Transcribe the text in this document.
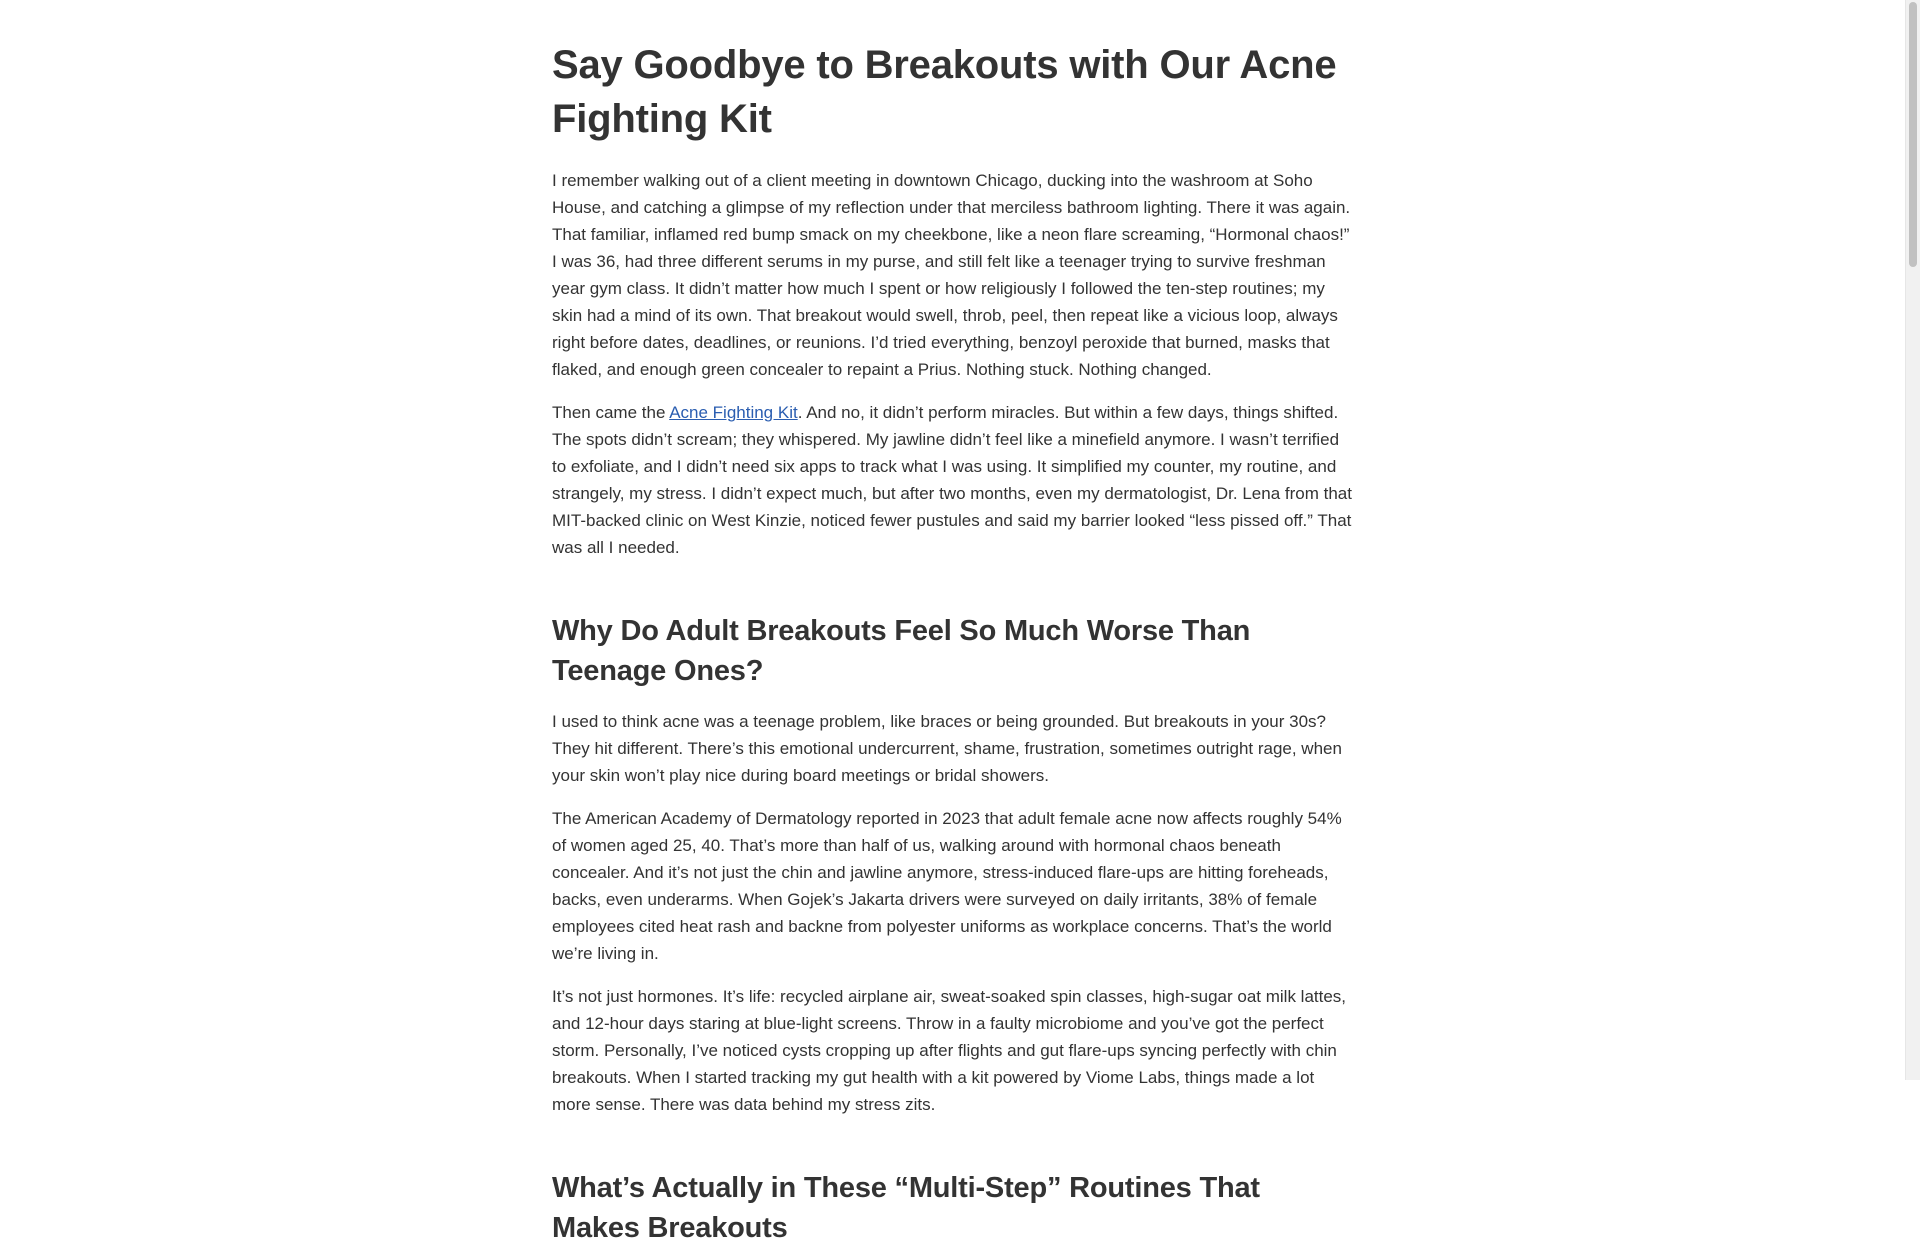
Say Goodbye to Breakouts with Our Acne Fighting Kit

I remember walking out of a client meeting in downtown Chicago, ducking into the washroom at Soho House, and catching a glimpse of my reflection under that merciless bathroom lighting. There it was again. That familiar, inflamed red bump smack on my cheekbone, like a neon flare screaming, “Hormonal chaos!” I was 36, had three different serums in my purse, and still felt like a teenager trying to survive freshman year gym class. It didn’t matter how much I spent or how religiously I followed the ten-step routines; my skin had a mind of its own. That breakout would swell, throb, peel, then repeat like a vicious loop, always right before dates, deadlines, or reunions. I’d tried everything, benzoyl peroxide that burned, masks that flaked, and enough green concealer to repaint a Prius. Nothing stuck. Nothing changed.

Then came the Acne Fighting Kit. And no, it didn’t perform miracles. But within a few days, things shifted. The spots didn’t scream; they whispered. My jawline didn’t feel like a minefield anymore. I wasn’t terrified to exfoliate, and I didn’t need six apps to track what I was using. It simplified my counter, my routine, and strangely, my stress. I didn’t expect much, but after two months, even my dermatologist, Dr. Lena from that MIT-backed clinic on West Kinzie, noticed fewer pustules and said my barrier looked “less pissed off.” That was all I needed.

Why Do Adult Breakouts Feel So Much Worse Than Teenage Ones?

I used to think acne was a teenage problem, like braces or being grounded. But breakouts in your 30s? They hit different. There’s this emotional undercurrent, shame, frustration, sometimes outright rage, when your skin won’t play nice during board meetings or bridal showers.

The American Academy of Dermatology reported in 2023 that adult female acne now affects roughly 54% of women aged 25, 40. That’s more than half of us, walking around with hormonal chaos beneath concealer. And it’s not just the chin and jawline anymore, stress-induced flare-ups are hitting foreheads, backs, even underarms. When Gojek’s Jakarta drivers were surveyed on daily irritants, 38% of female employees cited heat rash and backne from polyester uniforms as workplace concerns. That’s the world we’re living in.

It’s not just hormones. It’s life: recycled airplane air, sweat-soaked spin classes, high-sugar oat milk lattes, and 12-hour days staring at blue-light screens. Throw in a faulty microbiome and you’ve got the perfect storm. Personally, I’ve noticed cysts cropping up after flights and gut flare-ups syncing perfectly with chin breakouts. When I started tracking my gut health with a kit powered by Viome Labs, things made a lot more sense. There was data behind my stress zits.

What’s Actually in These “Multi-Step” Routines That Makes Breakouts
